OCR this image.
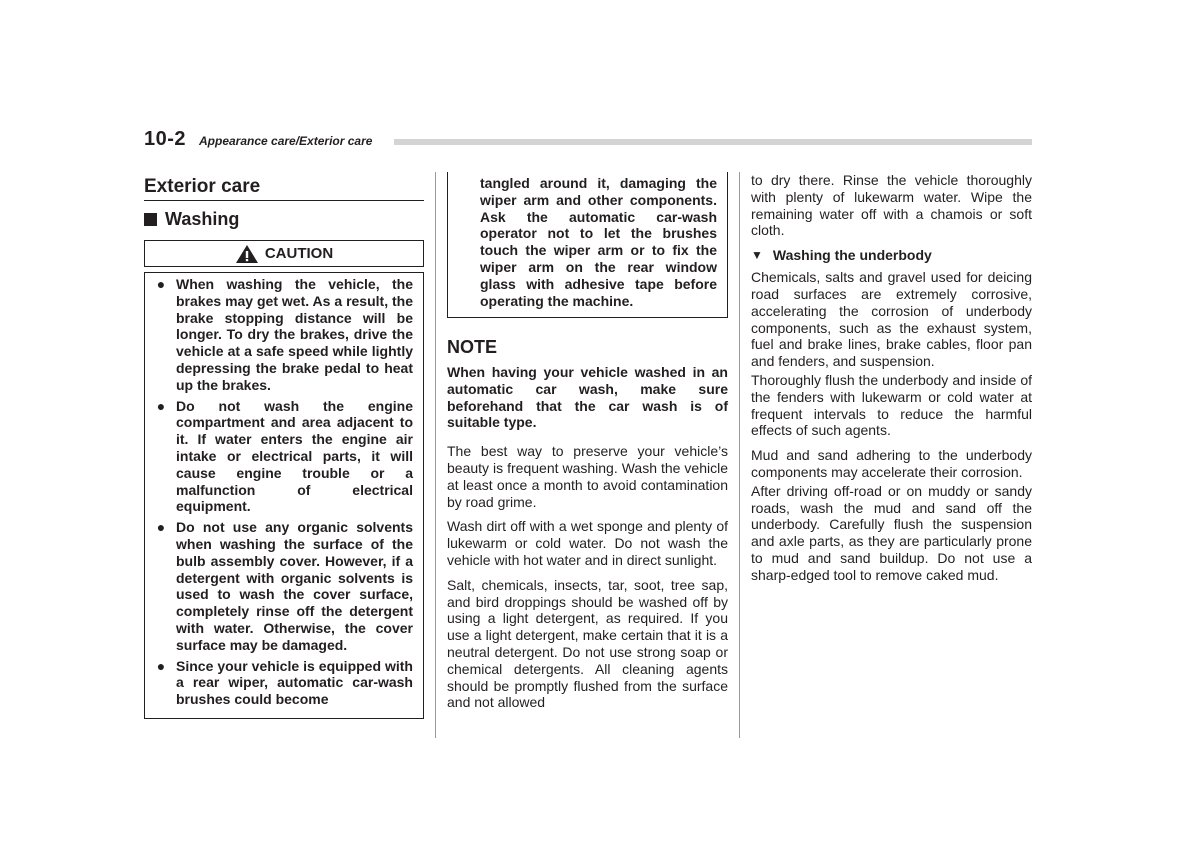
10-2 Appearance care/Exterior care
Exterior care
Washing
CAUTION
● When washing the vehicle, the brakes may get wet. As a result, the brake stopping distance will be longer. To dry the brakes, drive the vehicle at a safe speed while lightly depressing the brake pedal to heat up the brakes.
● Do not wash the engine compartment and area adjacent to it. If water enters the engine air intake or electrical parts, it will cause engine trouble or a malfunction of electrical equipment.
● Do not use any organic solvents when washing the surface of the bulb assembly cover. However, if a detergent with organic solvents is used to wash the cover surface, completely rinse off the detergent with water. Otherwise, the cover surface may be damaged.
● Since your vehicle is equipped with a rear wiper, automatic car-wash brushes could become
tangled around it, damaging the wiper arm and other components. Ask the automatic car-wash operator not to let the brushes touch the wiper arm or to fix the wiper arm on the rear window glass with adhesive tape before operating the machine.
NOTE
When having your vehicle washed in an automatic car wash, make sure beforehand that the car wash is of suitable type.

The best way to preserve your vehicle’s beauty is frequent washing. Wash the vehicle at least once a month to avoid contamination by road grime.

Wash dirt off with a wet sponge and plenty of lukewarm or cold water. Do not wash the vehicle with hot water and in direct sunlight.

Salt, chemicals, insects, tar, soot, tree sap, and bird droppings should be washed off by using a light detergent, as required. If you use a light detergent, make certain that it is a neutral detergent. Do not use strong soap or chemical detergents. All cleaning agents should be promptly flushed from the surface and not allowed

to dry there. Rinse the vehicle thoroughly with plenty of lukewarm water. Wipe the remaining water off with a chamois or soft cloth.

▼ Washing the underbody

Chemicals, salts and gravel used for deicing road surfaces are extremely corrosive, accelerating the corrosion of underbody components, such as the exhaust system, fuel and brake lines, brake cables, floor pan and fenders, and suspension.

Thoroughly flush the underbody and inside of the fenders with lukewarm or cold water at frequent intervals to reduce the harmful effects of such agents.

Mud and sand adhering to the underbody components may accelerate their corrosion.

After driving off-road or on muddy or sandy roads, wash the mud and sand off the underbody. Carefully flush the suspension and axle parts, as they are particularly prone to mud and sand buildup. Do not use a sharp-edged tool to remove caked mud.
